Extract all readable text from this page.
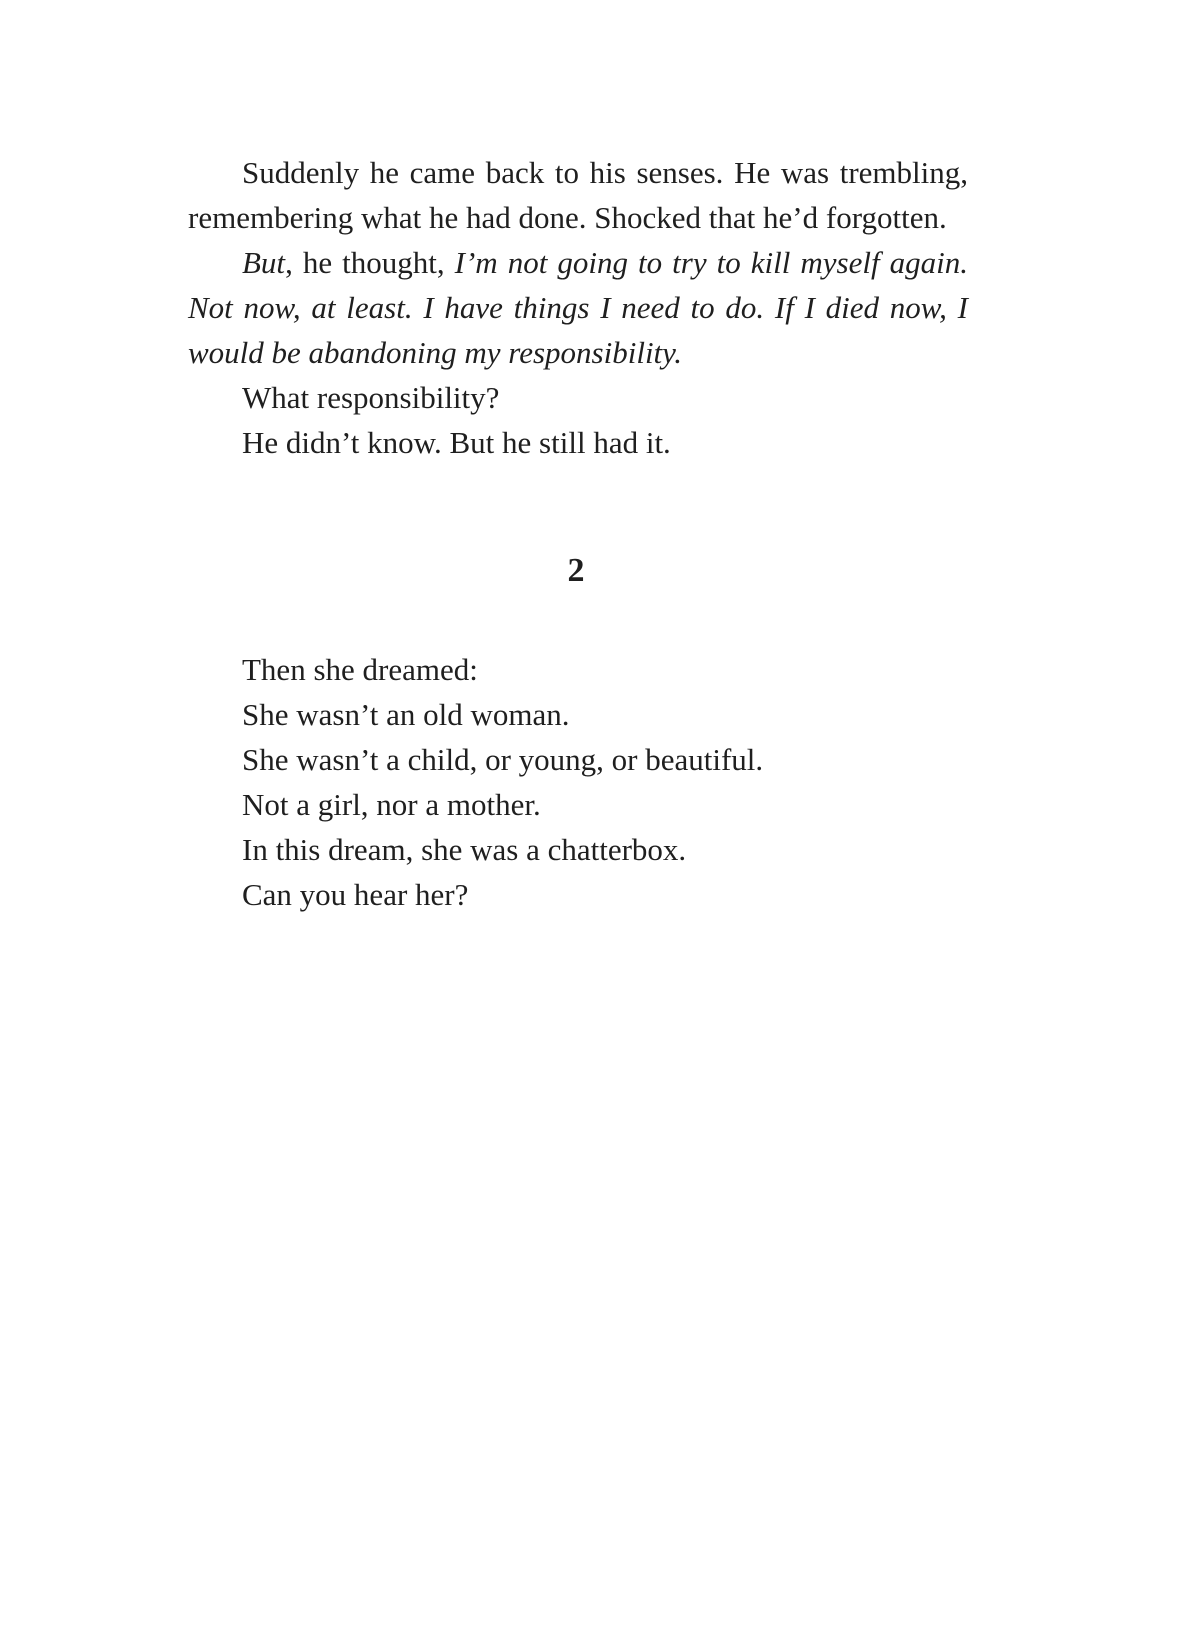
Suddenly he came back to his senses. He was trembling, remembering what he had done. Shocked that he’d forgotten.

But, he thought, I’m not going to try to kill myself again. Not now, at least. I have things I need to do. If I died now, I would be abandoning my responsibility.

What responsibility?

He didn’t know. But he still had it.

2

Then she dreamed:

She wasn’t an old woman.

She wasn’t a child, or young, or beautiful.

Not a girl, nor a mother.

In this dream, she was a chatterbox.

Can you hear her?
